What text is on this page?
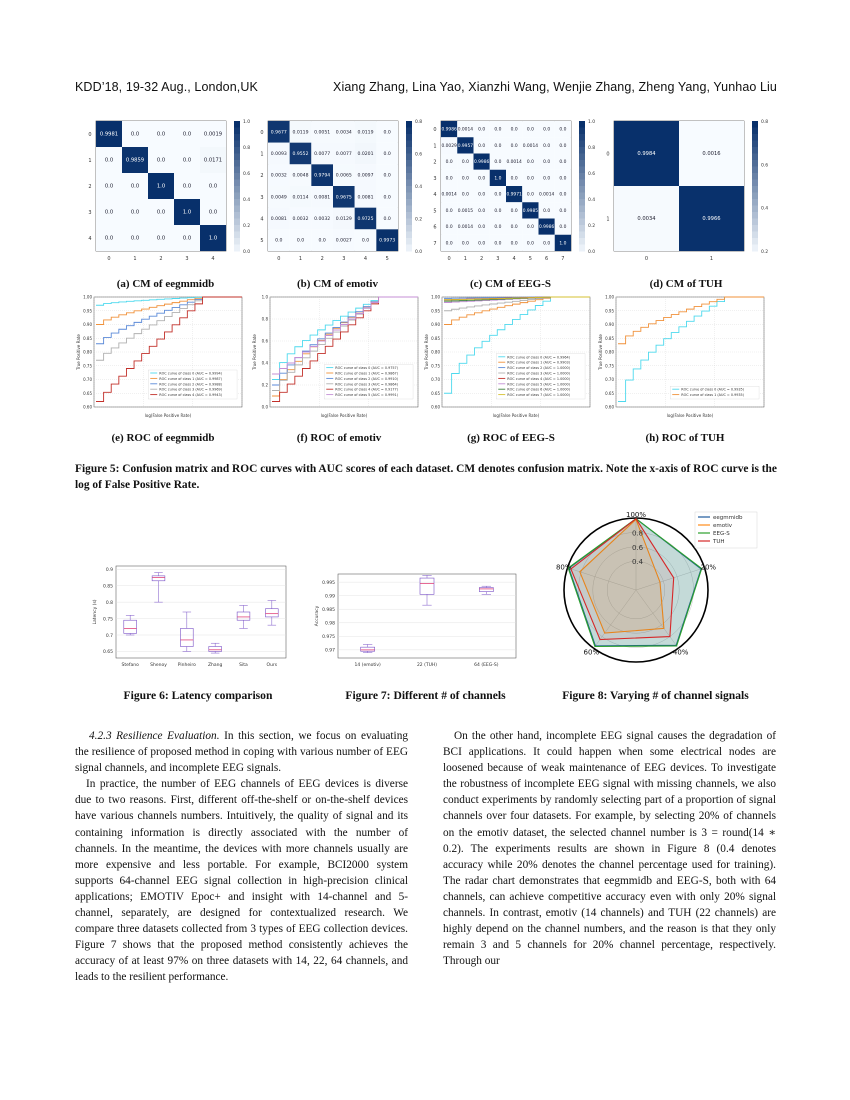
KDD’18, 19-32 Aug., London,UK	Xiang Zhang, Lina Yao, Xianzhi Wang, Wenjie Zhang, Zheng Yang, Yunhao Liu
0.9981 0.0	0.0	0.0 0.0019
0.0 0.9859 0.0	0.0 0.0171
0.0	0.0	1.0	0.0	0.0
0.0	0.0	0.0	1.0	0.0
0.0	0.0	0.0	0.0	1.0
0
0
1
1
2
2
3
3
4
4
0.0
0.2
0.4
0.6
0.8
1.0
0.9677 0.0119 0.0051 0.0034 0.0119 0.0
0.0093 0.9552 0.0077 0.0077 0.0201 0.0
0.0032 0.0048 0.9794 0.0065 0.0097 0.0
0.0049 0.0114 0.0081 0.9675 0.0081 0.0
0.0081 0.0032 0.0032 0.0129 0.9725 0.0
0.0	0.0	0.0 0.0027 0.0 0.9973
0
0
1
1
2
2
3
3
4
4
5
5
0.0
0.2
0.4
0.6
0.8
0.9986 0.0014 0.0 0.0 0.0 0.0 0.0 0.0
0.0029 0.9957 0.0 0.0 0.0 0.0014 0.0 0.0
0.0 0.0 0.9986 0.0 0.0014 0.0 0.0 0.0
0.0 0.0 0.0 1.0 0.0 0.0 0.0 0.0
0.0014 0.0 0.0 0.0 0.9971 0.0 0.0014 0.0
0.0 0.0015 0.0 0.0 0.0 0.9985 0.0 0.0
0.0 0.0014 0.0 0.0 0.0 0.0 0.9986 0.0
0.0 0.0 0.0 0.0 0.0 0.0 0.0 1.0
0
0
1
1
2
2
3
3
4
4
5
5
6
6
7
7
0.0
0.2
0.4
0.6
0.8
1.0
0.9984	0.0016
0.0034	0.9966
0
0
1
1
0.2
0.4
0.6
0.8
(a) CM of eegmmidb	(b) CM of emotiv	(c) CM of EEG-S	(d) CM of TUH
1.00
0.95
0.90
0.85
0.80
0.75
0.70
0.65
0.60
log(False Positive Rate)
True Positive Rate
ROC curve of class 0 (AUC = 0.9994)
ROC curve of class 1 (AUC = 0.9987)
ROC curve of class 2 (AUC = 0.9988)
ROC curve of class 3 (AUC = 0.9969)
ROC curve of class 4 (AUC = 0.9943)
1.0
0.8
0.6
0.4
0.2
0.0
log(False Positive Rate)
True Positive Rate	ROC curve of class 0 (AUC = 0.9757)
ROC curve of class 1 (AUC = 0.9867)
ROC curve of class 2 (AUC = 0.9910)
ROC curve of class 3 (AUC = 0.9864)
ROC curve of class 4 (AUC = 0.9177)
ROC curve of class 5 (AUC = 0.9991)
1.00
0.95
0.90
0.85
0.80
0.75
0.70
0.65
0.60
log(False Positive Rate)
True Positive Rate	ROC curve of class 0 (AUC = 0.9964)
ROC curve of class 1 (AUC = 0.9903)
ROC curve of class 2 (AUC = 1.0000)
ROC curve of class 3 (AUC = 1.0000)
ROC curve of class 4 (AUC = 1.0000)
ROC curve of class 5 (AUC = 1.0000)
ROC curve of class 6 (AUC = 1.0000)
ROC curve of class 7 (AUC = 1.0000)
1.00
0.95
0.90
0.85
0.80
0.75
0.70
0.65
0.60
log(False Positive Rate)
True Positive Rate
ROC curve of class 0 (AUC = 0.9935)
ROC curve of class 1 (AUC = 0.9935)
(e) ROC of eegmmidb	(f) ROC of emotiv	(g) ROC of EEG-S	(h) ROC of TUH
Figure 5: Confusion matrix and ROC curves with AUC scores of each dataset. CM denotes confusion matrix. Note the x-axis of ROC curve is the log of False Positive Rate.
0.9
0.85
0.8
0.75
0.7
0.65
Latency (s)
Stefano	Shenoy Pinheiro	Zhang	Sita	Ours
0.995
0.99
0.985
0.98
0.975
0.97
Accuracy
14 (emotiv)	22 (TUH)	64 (EEG-S)
0.4
0.6
0.8
100%
20%
40%
60%
80%
eegmmidb
emotiv
EEG-S
TUH
Figure 6: Latency comparison	Figure 7: Different # of channels	Figure 8: Varying # of channel signals

4.2.3 Resilience Evaluation. In this section, we focus on evaluating the resilience of proposed method in coping with various number of EEG signal channels, and incomplete EEG signals.

In practice, the number of EEG channels of EEG devices is diverse due to two reasons. First, different off-the-shelf or on-the-shelf devices have various channels numbers. Intuitively, the quality of signal and its containing information is directly associated with the number of channels. In the meantime, the devices with more channels usually are more expensive and less portable. For example, BCI2000 system supports 64-channel EEG signal collection in high-precision clinical applications; EMOTIV Epoc+ and insight with 14-channel and 5-channel, separately, are designed for contextualized research. We compare three datasets collected from 3 types of EEG collection devices. Figure 7 shows that the proposed method consistently achieves the accuracy of at least 97% on three datasets with 14, 22, 64 channels, and leads to the resilient performance.

On the other hand, incomplete EEG signal causes the degradation of BCI applications. It could happen when some electrical nodes are loosened because of weak maintenance of EEG devices. To investigate the robustness of incomplete EEG signal with missing channels, we also conduct experiments by randomly selecting part of a proportion of signal channels over four datasets. For example, by selecting 20% of channels on the emotiv dataset, the selected channel number is 3 = round(14 ∗ 0.2). The experiments results are shown in Figure 8 (0.4 denotes accuracy while 20% denotes the channel percentage used for training). The radar chart demonstrates that eegmmidb and EEG-S, both with 64 channels, can achieve competitive accuracy even with only 20% signal channels. In contrast, emotiv (14 channels) and TUH (22 channels) are highly depend on the channel numbers, and the reason is that they only remain 3 and 5 channels for 20% channel percentage, respectively. Through our
